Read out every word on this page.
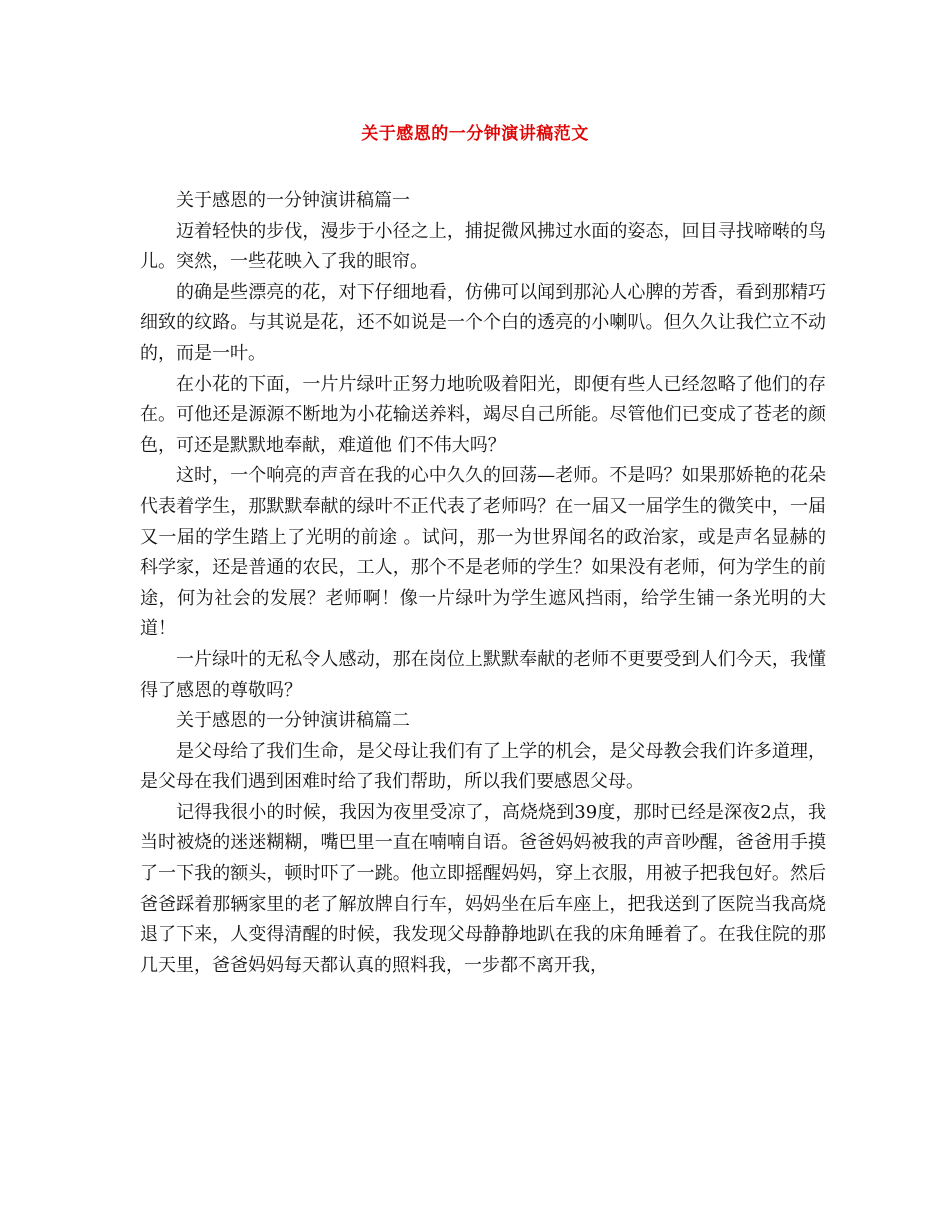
关于感恩的一分钟演讲稿范文

关于感恩的一分钟演讲稿篇一

迈着轻快的步伐，漫步于小径之上，捕捉微风拂过水面的姿态，回目寻找啼啭的鸟儿。突然，一些花映入了我的眼帘。

的确是些漂亮的花，对下仔细地看，仿佛可以闻到那沁人心脾的芳香，看到那精巧细致的纹路。与其说是花，还不如说是一个个白的透亮的小喇叭。但久久让我伫立不动的，而是一叶。

在小花的下面，一片片绿叶正努力地吮吸着阳光，即便有些人已经忽略了他们的存在。可他还是源源不断地为小花输送养料，竭尽自己所能。尽管他们已变成了苍老的颜色，可还是默默地奉献，难道他 们不伟大吗？

这时，一个响亮的声音在我的心中久久的回荡—老师。不是吗？如果那娇艳的花朵代表着学生，那默默奉献的绿叶不正代表了老师吗？在一届又一届学生的微笑中，一届又一届的学生踏上了光明的前途 。试问，那一为世界闻名的政治家，或是声名显赫的科学家，还是普通的农民，工人，那个不是老师的学生？如果没有老师，何为学生的前途，何为社会的发展？老师啊！像一片绿叶为学生遮风挡雨，给学生铺一条光明的大道！

一片绿叶的无私令人感动，那在岗位上默默奉献的老师不更要受到人们今天，我懂得了感恩的尊敬吗？

关于感恩的一分钟演讲稿篇二

是父母给了我们生命，是父母让我们有了上学的机会，是父母教会我们许多道理，是父母在我们遇到困难时给了我们帮助，所以我们要感恩父母。

记得我很小的时候，我因为夜里受凉了，高烧烧到39度，那时已经是深夜2点，我当时被烧的迷迷糊糊，嘴巴里一直在喃喃自语。爸爸妈妈被我的声音吵醒，爸爸用手摸了一下我的额头，顿时吓了一跳。他立即摇醒妈妈，穿上衣服，用被子把我包好。然后爸爸踩着那辆家里的老了解放牌自行车，妈妈坐在后车座上，把我送到了医院当我高烧退了下来，人变得清醒的时候，我发现父母静静地趴在我的床角睡着了。在我住院的那几天里，爸爸妈妈每天都认真的照料我，一步都不离开我，
